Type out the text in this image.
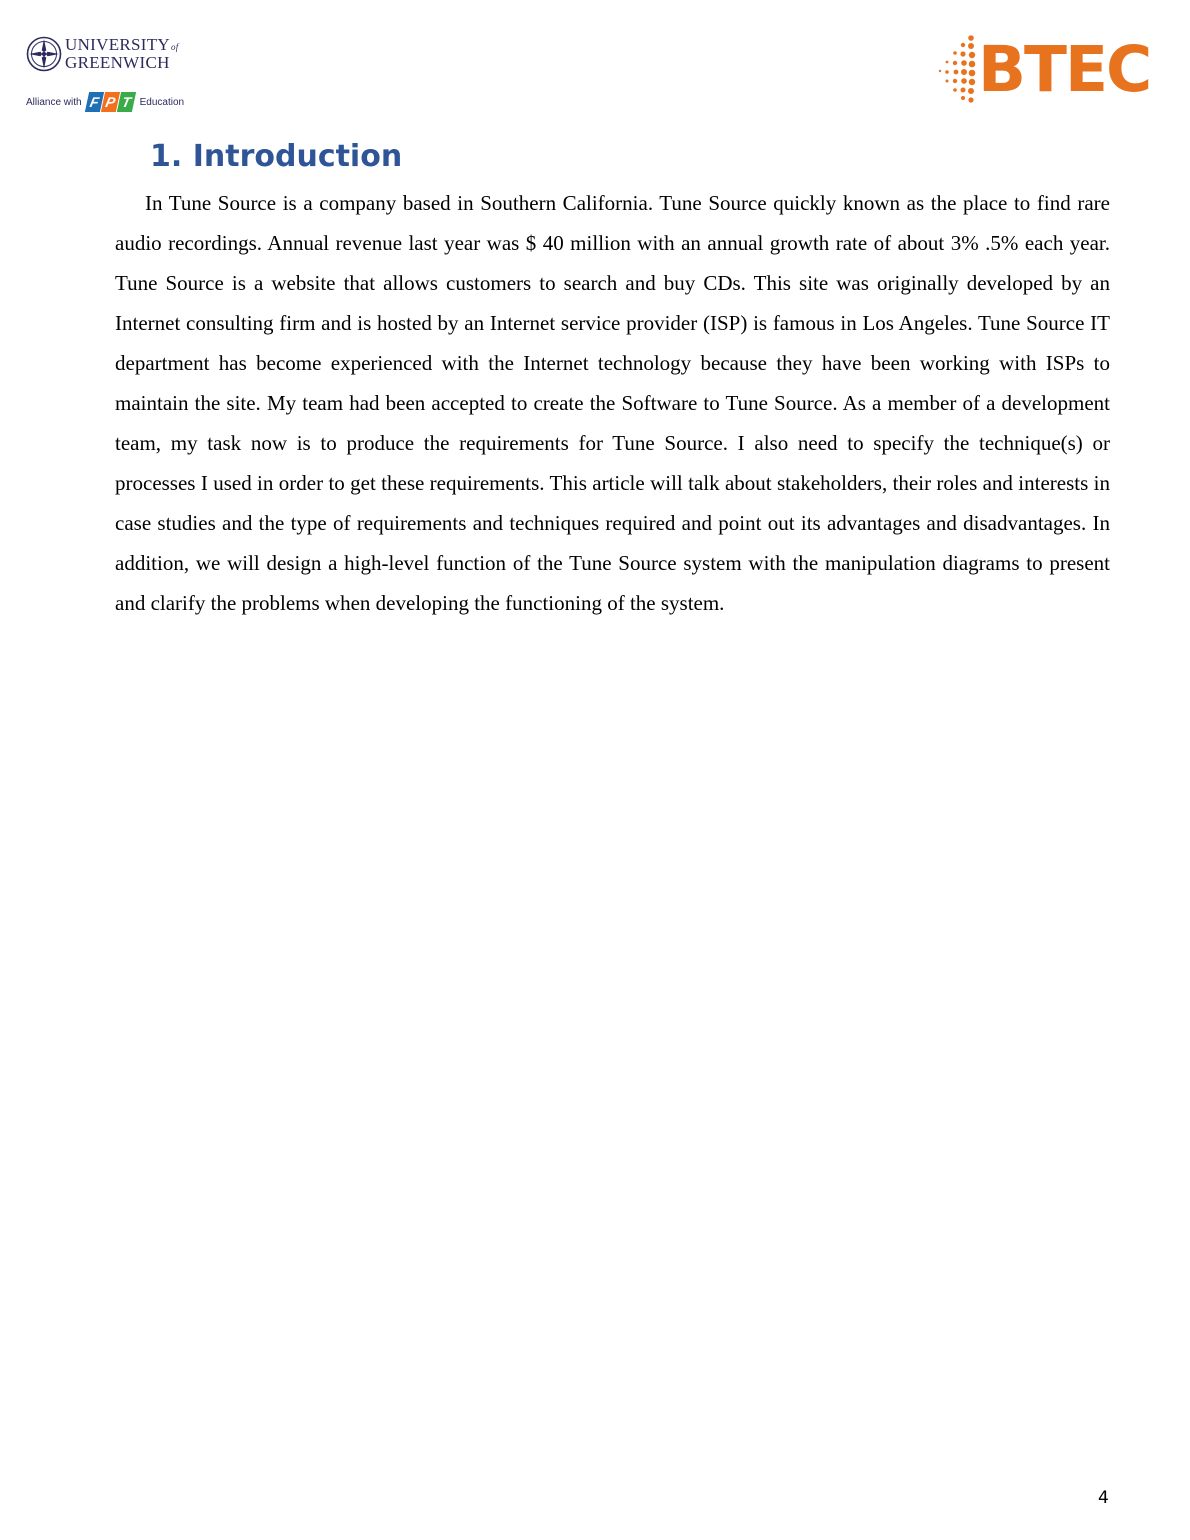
UNIVERSITYof
GREENWICH
Alliance with F P T Education	BTEC
1. Introduction

In Tune Source is a company based in Southern California. Tune Source quickly known as the place to find rare audio recordings. Annual revenue last year was $ 40 million with an annual growth rate of about 3% .5% each year. Tune Source is a website that allows customers to search and buy CDs. This site was originally developed by an Internet consulting firm and is hosted by an Internet service provider (ISP) is famous in Los Angeles. Tune Source IT department has become experienced with the Internet technology because they have been working with ISPs to maintain the site. My team had been accepted to create the Software to Tune Source. As a member of a development team, my task now is to produce the requirements for Tune Source. I also need to specify the technique(s) or processes I used in order to get these requirements. This article will talk about stakeholders, their roles and interests in case studies and the type of requirements and techniques required and point out its advantages and disadvantages. In addition, we will design a high-level function of the Tune Source system with the manipulation diagrams to present and clarify the problems when developing the functioning of the system.

4
